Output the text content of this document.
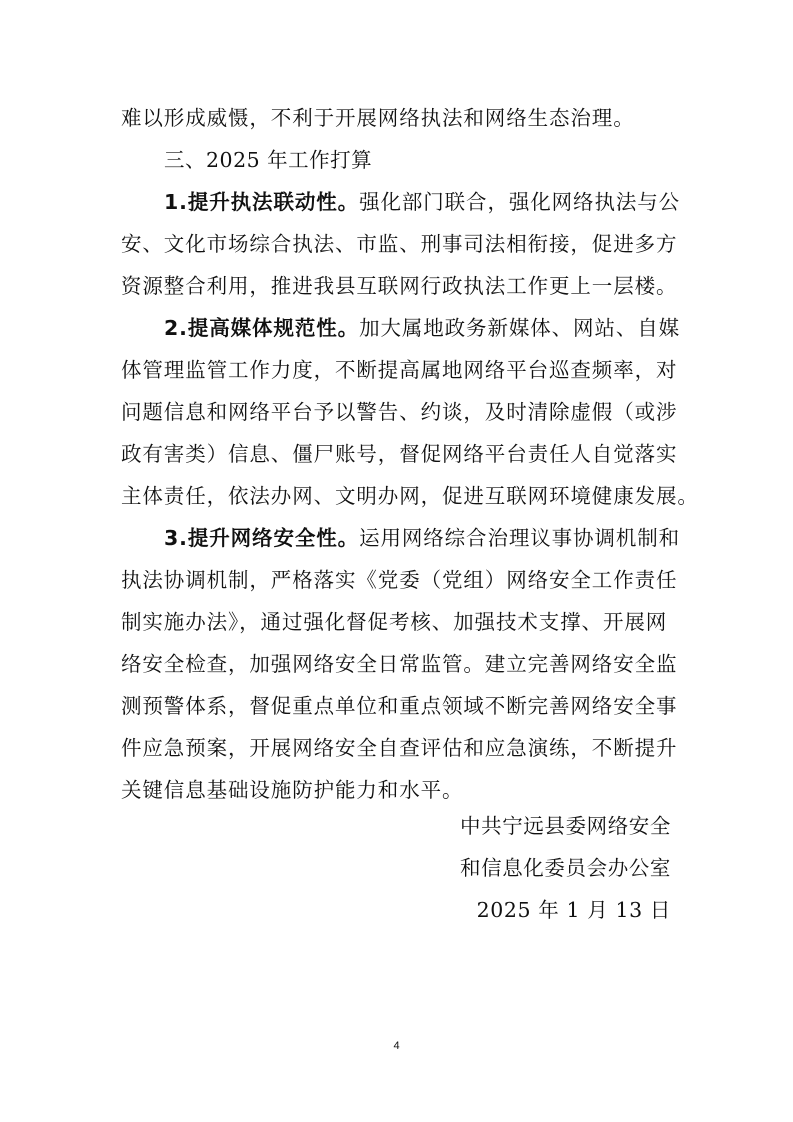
难以形成威慑，不利于开展网络执法和网络生态治理。
三、2025 年工作打算
1.提升执法联动性。强化部门联合，强化网络执法与公
安、文化市场综合执法、市监、刑事司法相衔接，促进多方
资源整合利用，推进我县互联网行政执法工作更上一层楼。
2.提高媒体规范性。加大属地政务新媒体、网站、自媒
体管理监管工作力度，不断提高属地网络平台巡查频率，对
问题信息和网络平台予以警告、约谈，及时清除虚假（或涉
政有害类）信息、僵尸账号，督促网络平台责任人自觉落实
主体责任，依法办网、文明办网，促进互联网环境健康发展。
3.提升网络安全性。运用网络综合治理议事协调机制和
执法协调机制，严格落实《党委（党组）网络安全工作责任
制实施办法》，通过强化督促考核、加强技术支撑、开展网
络安全检查，加强网络安全日常监管。建立完善网络安全监
测预警体系，督促重点单位和重点领域不断完善网络安全事
件应急预案，开展网络安全自查评估和应急演练，不断提升
关键信息基础设施防护能力和水平。
中共宁远县委网络安全
和信息化委员会办公室
2025 年 1 月 13 日
4
